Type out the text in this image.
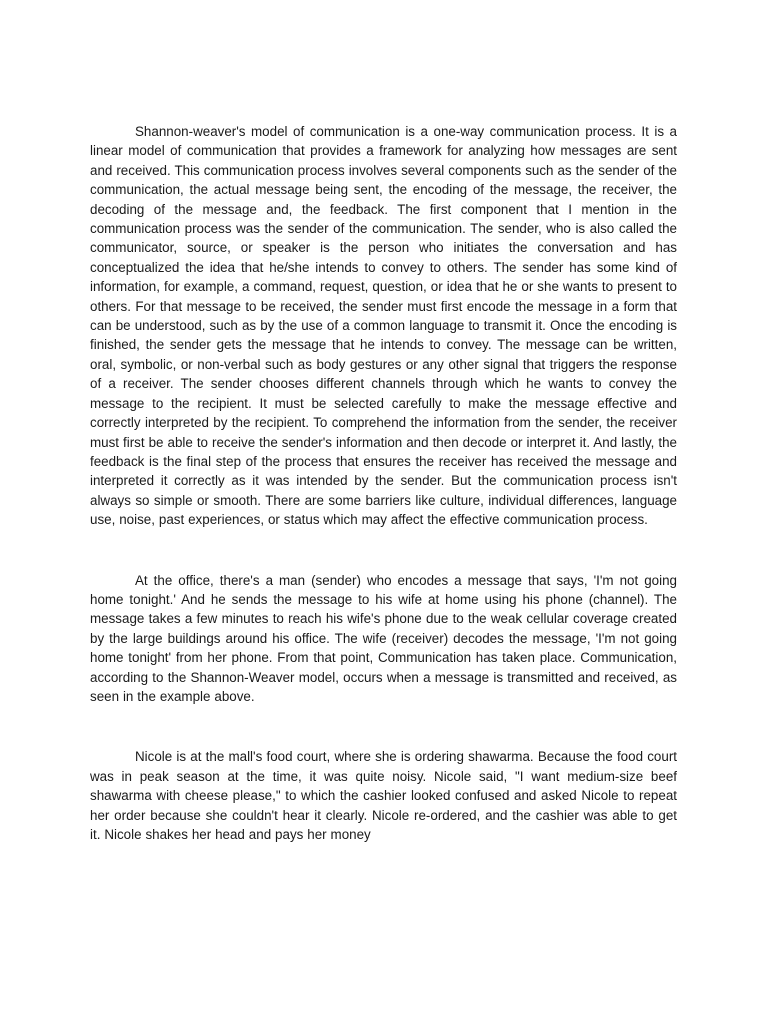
Shannon-weaver's model of communication is a one-way communication process. It is a linear model of communication that provides a framework for analyzing how messages are sent and received. This communication process involves several components such as the sender of the communication, the actual message being sent, the encoding of the message, the receiver, the decoding of the message and, the feedback. The first component that I mention in the communication process was the sender of the communication. The sender, who is also called the communicator, source, or speaker is the person who initiates the conversation and has conceptualized the idea that he/she intends to convey to others. The sender has some kind of information, for example, a command, request, question, or idea that he or she wants to present to others. For that message to be received, the sender must first encode the message in a form that can be understood, such as by the use of a common language to transmit it. Once the encoding is finished, the sender gets the message that he intends to convey. The message can be written, oral, symbolic, or non-verbal such as body gestures or any other signal that triggers the response of a receiver. The sender chooses different channels through which he wants to convey the message to the recipient. It must be selected carefully to make the message effective and correctly interpreted by the recipient. To comprehend the information from the sender, the receiver must first be able to receive the sender's information and then decode or interpret it. And lastly, the feedback is the final step of the process that ensures the receiver has received the message and interpreted it correctly as it was intended by the sender. But the communication process isn't always so simple or smooth. There are some barriers like culture, individual differences, language use, noise, past experiences, or status which may affect the effective communication process.

At the office, there's a man (sender) who encodes a message that says, 'I'm not going home tonight.' And he sends the message to his wife at home using his phone (channel). The message takes a few minutes to reach his wife's phone due to the weak cellular coverage created by the large buildings around his office. The wife (receiver) decodes the message, 'I'm not going home tonight' from her phone. From that point, Communication has taken place. Communication, according to the Shannon-Weaver model, occurs when a message is transmitted and received, as seen in the example above.

Nicole is at the mall's food court, where she is ordering shawarma. Because the food court was in peak season at the time, it was quite noisy. Nicole said, "I want medium-size beef shawarma with cheese please," to which the cashier looked confused and asked Nicole to repeat her order because she couldn't hear it clearly. Nicole re-ordered, and the cashier was able to get it. Nicole shakes her head and pays her money
